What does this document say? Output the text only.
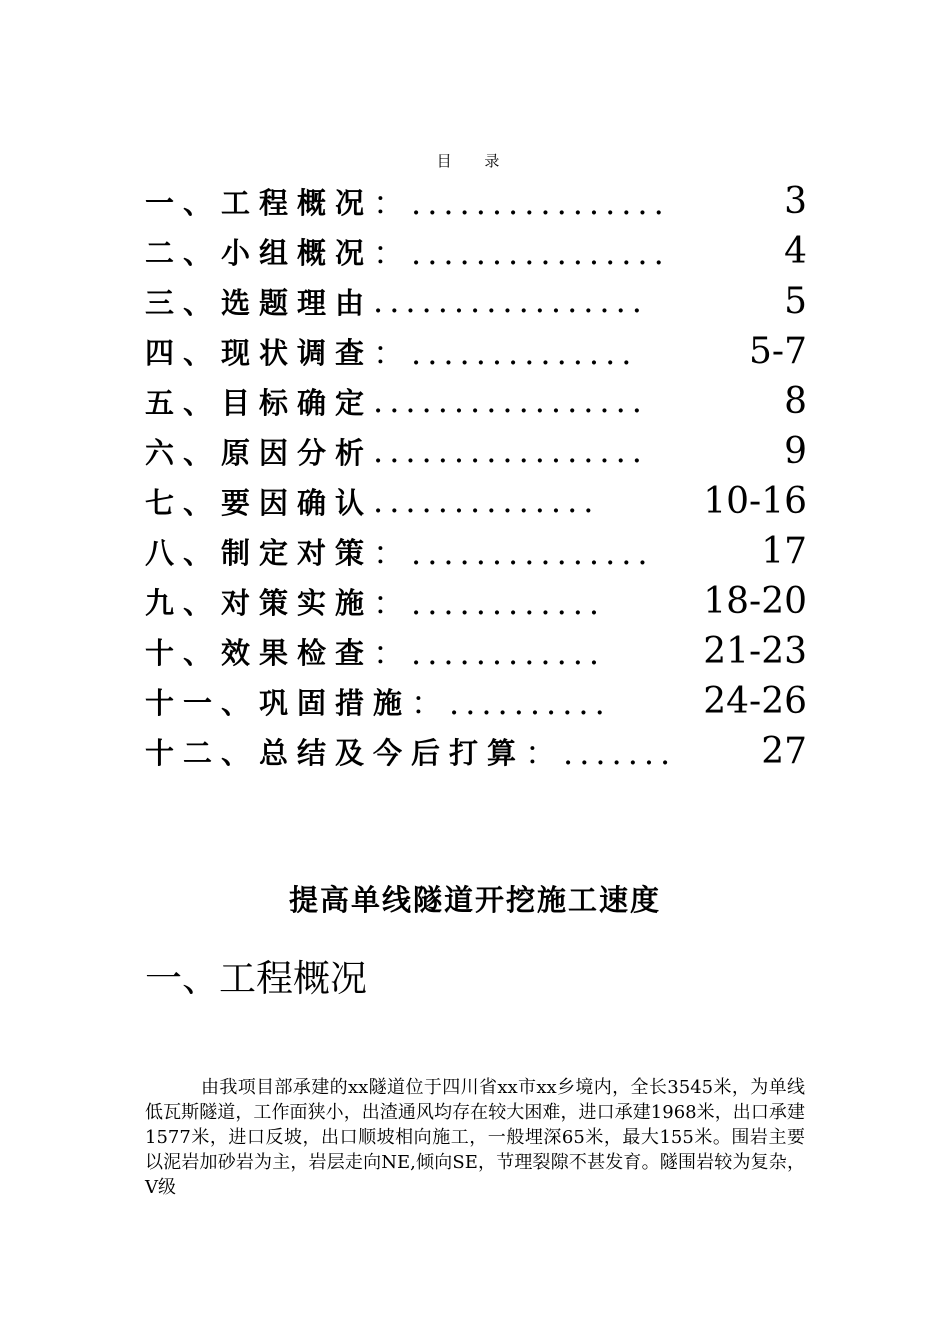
目 录
一、工程概况 ：................	3
二、小组概况 ：................	4
三、选题理由 .................	5
四、现状调查 ：..............	5-7
五、目标确定 .................	8
六、原因分析 .................	9
七、要因确认 ..............	10-16
八、制定对策 ：...............	17
九、对策实施 ：............	18-20
十、效果检查 ：............	21-23
十一、巩固措施 ：..........	24-26
十二、总结及今后打算 ：.......	27
提高单线隧道开挖施工速度
一、工程概况
由我项目部承建的xx隧道位于四川省xx市xx乡境内，全长3545米，为单线低瓦斯隧道，工作面狭小，出渣通风均存在较大困难，进口承建1968米，出口承建1577米，进口反坡，出口顺坡相向施工，一般埋深65米，最大155米。围岩主要以泥岩加砂岩为主，岩层走向NE,倾向SE，节理裂隙不甚发育。隧围岩较为复杂，V级
